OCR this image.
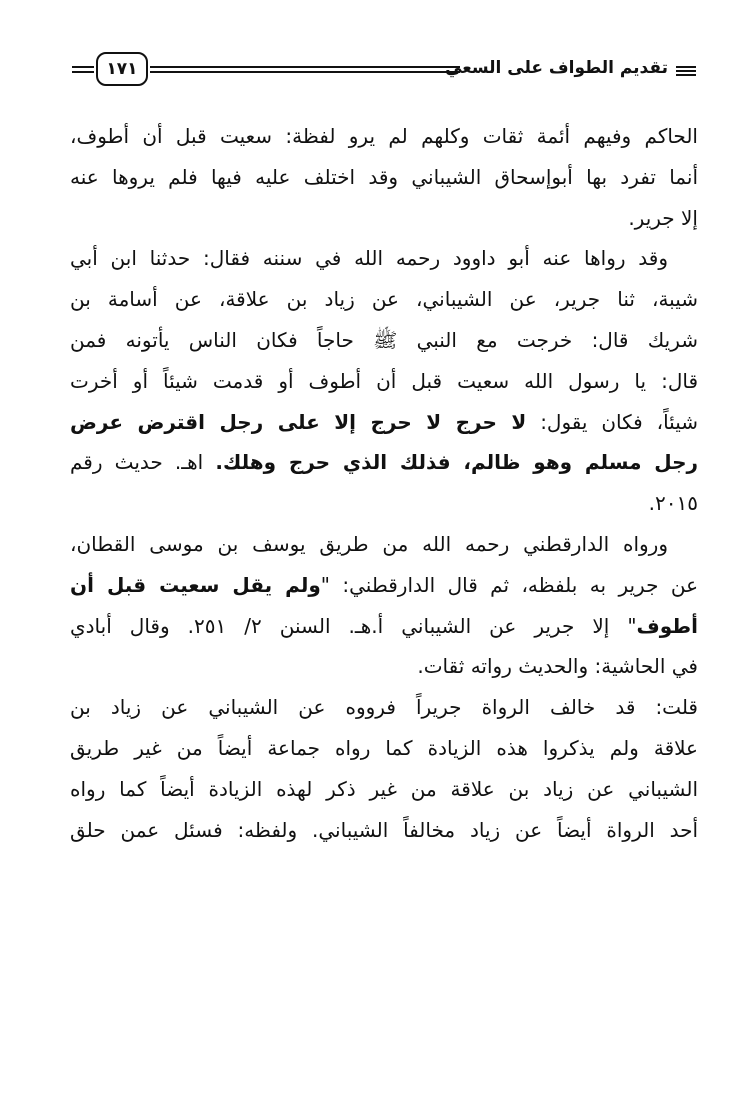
تقديم الطواف على السعي
١٧١
الحاكم وفيهم أئمة ثقات وكلهم لم يرو لفظة: سعيت قبل أن أطوف،
أنما تفرد بها أبوإسحاق الشيباني وقد اختلف عليه فيها فلم يروها عنه
إلا جرير.
وقد رواها عنه أبو داوود رحمه الله في سننه فقال: حدثنا ابن أبي
شيبة، ثنا جرير، عن الشيباني، عن زياد بن علاقة، عن أسامة بن
شريك قال: خرجت مع النبي ﷺ حاجاً فكان الناس يأتونه فمن
قال: يا رسول الله سعيت قبل أن أطوف أو قدمت شيئاً أو أخرت
شيئاً، فكان يقول: لا حرج لا حرج إلا على رجل اقترض عرض
رجل مسلم وهو ظالم، فذلك الذي حرج وهلك. اهـ. حديث رقم
٢٠١٥.
ورواه الدارقطني رحمه الله من طريق يوسف بن موسى القطان،
عن جرير به بلفظه، ثم قال الدارقطني: "ولم يقل سعيت قبل أن
أطوف" إلا جرير عن الشيباني أ.هـ. السنن ٢/ ٢٥١. وقال أبادي
في الحاشية: والحديث رواته ثقات.
قلت: قد خالف الرواة جريراً فرووه عن الشيباني عن زياد بن
علاقة ولم يذكروا هذه الزيادة كما رواه جماعة أيضاً من غير طريق
الشيباني عن زياد بن علاقة من غير ذكر لهذه الزيادة أيضاً كما رواه
أحد الرواة أيضاً عن زياد مخالفاً الشيباني. ولفظه: فسئل عمن حلق
